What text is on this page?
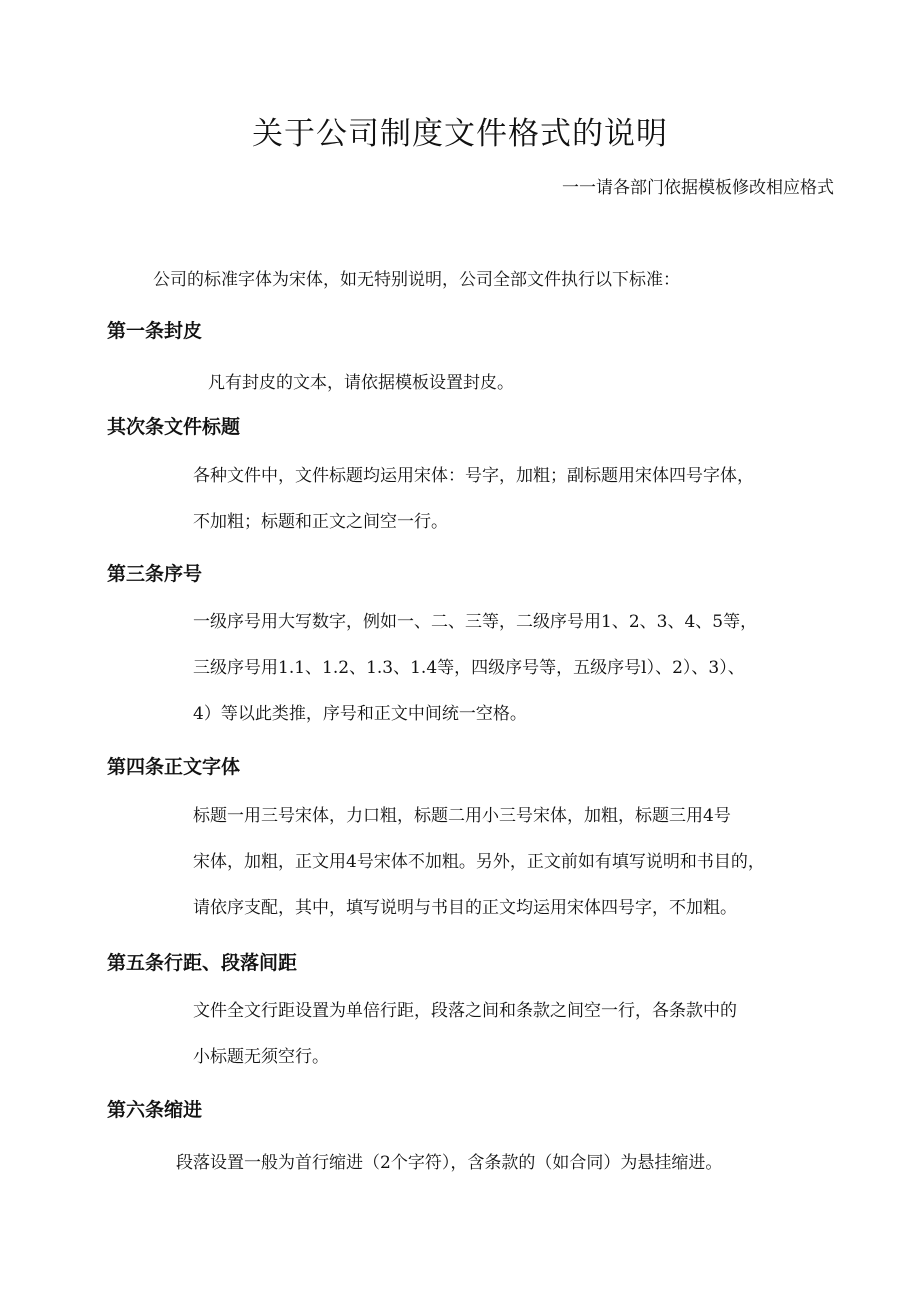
关于公司制度文件格式的说明

一一请各部门依据模板修改相应格式

公司的标准字体为宋体，如无特别说明，公司全部文件执行以下标准：

第一条封皮

凡有封皮的文本，请依据模板设置封皮。

其次条文件标题

各种文件中，文件标题均运用宋体：号字，加粗；副标题用宋体四号字体，
不加粗；标题和正文之间空一行。

第三条序号

一级序号用大写数字，例如一、二、三等，二级序号用1、2、3、4、5等，
三级序号用1.1、1.2、1.3、1.4等，四级序号等，五级序号l）、2）、3）、
4）等以此类推，序号和正文中间统一空格。

第四条正文字体

标题一用三号宋体，力口粗，标题二用小三号宋体，加粗，标题三用4号
宋体，加粗，正文用4号宋体不加粗。另外，正文前如有填写说明和书目的，
请依序支配，其中，填写说明与书目的正文均运用宋体四号字，不加粗。

第五条行距、段落间距

文件全文行距设置为单倍行距，段落之间和条款之间空一行，各条款中的
小标题无须空行。

第六条缩进

段落设置一般为首行缩进（2个字符），含条款的（如合同）为悬挂缩进。
